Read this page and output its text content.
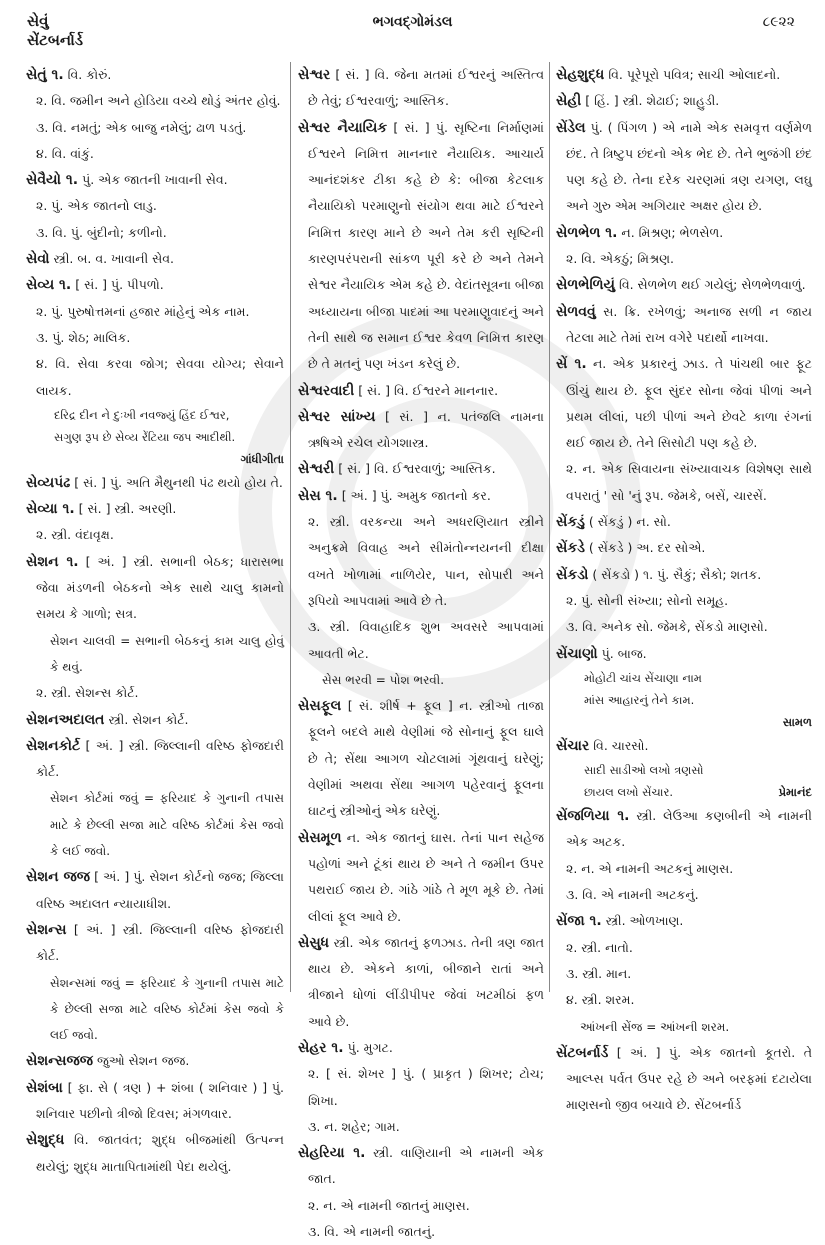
સેવું
સેંટબર્નાર્ડ
ભગવદ્ગોમંડલ	૮૯૨૨
સેતું ૧. વિ. કોરું.
૨. વિ. જમીન અને હોડિયા વચ્ચે થોડું અંતર હોવું.
૩. વિ. નમતું; એક બાજુ નમેલું; ઢાળ પડતું.
૪. વિ. વાંકું.
સેવૈયો ૧. પું. એક જાતની ખાવાની સેવ.
૨. પું. એક જાતનો લાડુ.
૩. વિ. પું. બુંદીનો; કળીનો.
સેવો સ્ત્રી. બ. વ. ખાવાની સેવ.
સેવ્ય ૧. [ સં. ] પું. પીપળો.
૨. પું. પુરુષોત્તમનાં હજાર માંહેનું એક નામ.
૩. પું. શેઠ; માલિક.
૪. વિ. સેવા કરવા જોગ; સેવવા યોગ્ય; સેવાને લાયક.
દરિદ્ર દીન ને દુઃખી નવજ્યું હિંદ ઈશ્વર,
સગુણ રૂપ છે સેવ્ય રેંટિયા જપ આદીથી.
ગાંધીગીતા
સેવ્યપંઢ [ સં. ] પું. અતિ મૈથુનથી પંઢ થયો હોય તે.
સેવ્યા ૧. [ સં. ] સ્ત્રી. અરણી.
૨. સ્ત્રી. વંદાવૃક્ષ.
સેશન ૧. [ અં. ] સ્ત્રી. સભાની બેઠક; ધારાસભા જેવા મંડળની બેઠકનો એક સાથે ચાલુ કામનો સમય કે ગાળો; સત્ર.
સેશન ચાલવી = સભાની બેઠકનું કામ ચાલુ હોવું કે થવું.
૨. સ્ત્રી. સેશન્સ કોર્ટ.
સેશનઅદાલત સ્ત્રી. સેશન કોર્ટ.
સેશનકોર્ટ [ અં. ] સ્ત્રી. જિલ્લાની વરિષ્ઠ ફોજદારી કોર્ટ.
સેશન કોર્ટમાં જવું = ફરિયાદ કે ગુનાની તપાસ માટે કે છેલ્લી સજા માટે વરિષ્ઠ કોર્ટમાં કેસ જવો કે લઈ જવો.
સેશન જજ [ અં. ] પું. સેશન કોર્ટનો જજ; જિલ્લા વરિષ્ઠ અદાલત ન્યાયાધીશ.
સેશન્સ [ અં. ] સ્ત્રી. જિલ્લાની વરિષ્ઠ ફોજદારી કોર્ટ.
સેશન્સમાં જવું = ફરિયાદ કે ગુનાની તપાસ માટે કે છેલ્લી સજા માટે વરિષ્ઠ કોર્ટમાં કેસ જવો કે લઈ જવો.
સેશન્સજજ જુઓ સેશન જજ.
સેશંબા [ ફા. સે ( ત્રણ ) + શંબા ( શનિવાર ) ] પું. શનિવાર પછીનો ત્રીજો દિવસ; મંગળવાર.
સેશુદ્ધ વિ. જાતવંત; શુદ્ધ બીજમાંથી ઉત્પન્ન થયેલું; શુદ્ધ માતાપિતામાંથી પેદા થયેલું.
સેશ્વર [ સં. ] વિ. જેના મતમાં ઈશ્વરનું અસ્તિત્વ છે તેવું; ઈશ્વરવાળું; આસ્તિક.
સેશ્વર નૈયાયિક [ સં. ] પું. સૃષ્ટિના નિર્માણમાં ઈશ્વરને નિમિત્ત માનનાર નૈયાયિક. આચાર્ય આનંદશંકર ટીકા કહે છે કે: બીજા કેટલાક નૈયાયિકો પરમાણુનો સંયોગ થવા માટે ઈશ્વરને નિમિત્ત કારણ માને છે અને તેમ કરી સૃષ્ટિની કારણપરંપરાની સાંકળ પૂરી કરે છે અને તેમને સેશ્વર નૈયાયિક એમ કહે છે. વેદાંતસૂત્રના બીજા અધ્યાયના બીજા પાદમાં આ પરમાણુવાદનું અને તેની સાથે જ સમાન ઈશ્વર કેવળ નિમિત્ત કારણ છે તે મતનું પણ ખંડન કરેલું છે.
સેશ્વરવાદી [ સં. ] વિ. ઈશ્વરને માનનાર.
સેશ્વર સાંખ્ય [ સં. ] ન. પતંજલિ નામના ઋષિએ રચેલ યોગશાસ્ત્ર.
સેશ્વરી [ સં. ] વિ. ઈશ્વરવાળું; આસ્તિક.
સેસ ૧. [ અં. ] પું. અમુક જાતનો કર.
૨. સ્ત્રી. વરકન્યા અને અધરણિયાત સ્ત્રીને અનુક્રમે વિવાહ અને સીમંતોન્નયનની દીક્ષા વખતે ખોળામાં નાળિયેર, પાન, સોપારી અને રૂપિયો આપવામાં આવે છે તે.
૩. સ્ત્રી. વિવાહાદિક શુભ અવસરે આપવામાં આવતી ભેટ.
સેસ ભરવી = પોશ ભરવી.
સેસફૂલ [ સં. શીર્ષ + ફૂલ ] ન. સ્ત્રીઓ તાજા ફૂલને બદલે માથે વેણીમાં જે સોનાનું ફૂલ ઘાલે છે તે; સેંથા આગળ ચોટલામાં ગૂંથવાનું ઘરેણું; વેણીમાં અથવા સેંથા આગળ પહેરવાનું ફૂલના ઘાટનું સ્ત્રીઓનું એક ઘરેણું.
સેસમૂળ ન. એક જાતનું ઘાસ. તેનાં પાન સહેજ પહોળાં અને ટૂંકાં થાય છે અને તે જમીન ઉપર પથરાઈ જાય છે. ગાંઠે ગાંઠે તે મૂળ મૂકે છે. તેમાં લીલાં ફૂલ આવે છે.
સેસુધ સ્ત્રી. એક જાતનું ફળઝાડ. તેની ત્રણ જાત થાય છે. એકને કાળાં, બીજાને રાતાં અને ત્રીજાને ધોળાં લીંડીપીપર જેવાં ખટમીઠાં ફળ આવે છે.
સેહર ૧. પું. મુગટ.
૨. [ સં. શેખર ] પું. ( પ્રાકૃત ) શિખર; ટોચ; શિખા.
૩. ન. શહેર; ગામ.
સેહરિયા ૧. સ્ત્રી. વાણિયાની એ નામની એક જાત.
૨. ન. એ નામની જાતનું માણસ.
૩. વિ. એ નામની જાતનું.
સેહશુદ્ધ વિ. પૂરેપૂરો પવિત્ર; સાચી ઓલાદનો.
સેહી [ હિં. ] સ્ત્રી. શેઢાઈ; શાહુડી.
સેંડેલ પું. ( પિંગળ ) એ નામે એક સમવૃત્ત વર્ણમેળ છંદ. તે ત્રિષ્ટુપ છંદનો એક ભેદ છે. તેને ભુજંગી છંદ પણ કહે છે. તેના દરેક ચરણમાં ત્રણ યગણ, લઘુ અને ગુરુ એમ અગિયાર અક્ષર હોય છે.
સેળભેળ ૧. ન. મિશ્રણ; ભેળસેળ.
૨. વિ. એકઠું; મિશ્રણ.
સેળભેળિયું વિ. સેળભેળ થઈ ગયેલું; સેળભેળવાળું.
સેળવવું સ. ક્રિ. રખેળવું; અનાજ સળી ન જાય તેટલા માટે તેમાં રાખ વગેરે પદાર્થો નાખવા.
સેં ૧. ન. એક પ્રકારનું ઝાડ. તે પાંચથી બાર ફૂટ ઊંચું થાય છે. ફૂલ સુંદર સોના જેવાં પીળાં અને પ્રથમ લીલાં, પછી પીળાં અને છેવટે કાળા રંગનાં થઈ જાય છે. તેને સિસોટી પણ કહે છે.
૨. ન. એક સિવાયના સંખ્યાવાચક વિશેષણ સાથે વપરાતું ' સો 'નું રૂપ. જેમકે, બસેં, ચારસેં.
સેંકડું ( સેંકડું ) ન. સો.
સેંકડે ( સેંકડે ) અ. દર સોએ.
સેંકડો ( સેંકડો ) ૧. પું. સૈકું; સૈકો; શતક.
૨. પું. સોની સંખ્યા; સોનો સમૂહ.
૩. વિ. અનેક સો. જેમકે, સેંકડો માણસો.
સેંચાણો પું. બાજ.
મોહોટી ચાંચ સેંચાણા નામ
માંસ આહારનું તેને કામ.
સામળ
સેંચાર વિ. ચારસો.
સાદી સાડીઓ લખો ત્રણસો
છાયલ લખો સેંચાર.	પ્રેમાનંદ
સેંજળિયા ૧. સ્ત્રી. લેઉઆ કણબીની એ નામની એક અટક.
૨. ન. એ નામની અટકનું માણસ.
૩. વિ. એ નામની અટકનું.
સેંજા ૧. સ્ત્રી. ઓળખાણ.
૨. સ્ત્રી. નાતો.
૩. સ્ત્રી. માન.
૪. સ્ત્રી. શરમ.
આંખની સેંજ = આંખની શરમ.
સેંટબર્નાર્ડ [ અં. ] પું. એક જાતનો કૂતરો. તે આલ્પ્સ પર્વત ઉપર રહે છે અને બરફમાં દટાયેલા માણસનો જીવ બચાવે છે. સેંટબર્નાર્ડ
